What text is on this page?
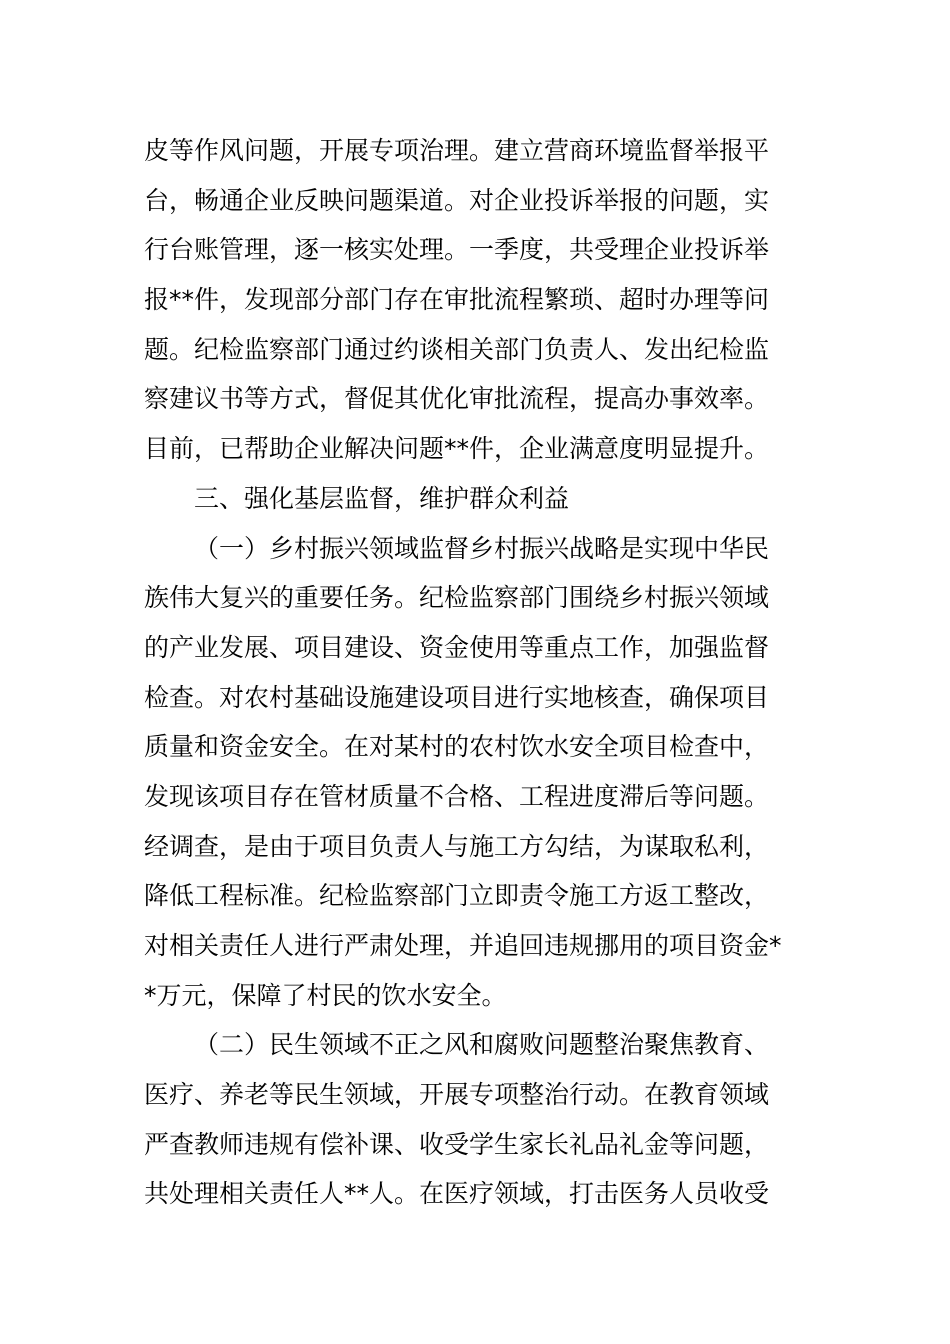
皮等作风问题，开展专项治理。建立营商环境监督举报平
台，畅通企业反映问题渠道。对企业投诉举报的问题，实
行台账管理，逐一核实处理。一季度，共受理企业投诉举
报**件，发现部分部门存在审批流程繁琐、超时办理等问
题。纪检监察部门通过约谈相关部门负责人、发出纪检监
察建议书等方式，督促其优化审批流程，提高办事效率。
目前，已帮助企业解决问题**件，企业满意度明显提升。
三、强化基层监督，维护群众利益
（一）乡村振兴领域监督乡村振兴战略是实现中华民
族伟大复兴的重要任务。纪检监察部门围绕乡村振兴领域
的产业发展、项目建设、资金使用等重点工作，加强监督
检查。对农村基础设施建设项目进行实地核查，确保项目
质量和资金安全。在对某村的农村饮水安全项目检查中，
发现该项目存在管材质量不合格、工程进度滞后等问题。
经调查，是由于项目负责人与施工方勾结，为谋取私利，
降低工程标准。纪检监察部门立即责令施工方返工整改，
对相关责任人进行严肃处理，并追回违规挪用的项目资金*
*万元，保障了村民的饮水安全。
（二）民生领域不正之风和腐败问题整治聚焦教育、
医疗、养老等民生领域，开展专项整治行动。在教育领域
严查教师违规有偿补课、收受学生家长礼品礼金等问题，
共处理相关责任人**人。在医疗领域，打击医务人员收受
